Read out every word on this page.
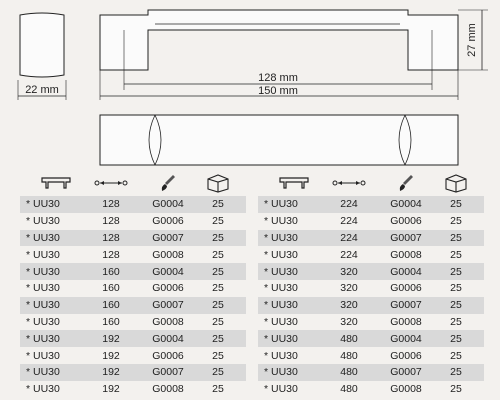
22 mm
128 mm
150 mm
27 mm
* UU30	128	G0004	25
* UU30	128	G0006	25
* UU30	128	G0007	25
* UU30	128	G0008	25
* UU30	160	G0004	25
* UU30	160	G0006	25
* UU30	160	G0007	25
* UU30	160	G0008	25
* UU30	192	G0004	25
* UU30	192	G0006	25
* UU30	192	G0007	25
* UU30	192	G0008	25
* UU30	224	G0004	25
* UU30	224	G0006	25
* UU30	224	G0007	25
* UU30	224	G0008	25
* UU30	320	G0004	25
* UU30	320	G0006	25
* UU30	320	G0007	25
* UU30	320	G0008	25
* UU30	480	G0004	25
* UU30	480	G0006	25
* UU30	480	G0007	25
* UU30	480	G0008	25
